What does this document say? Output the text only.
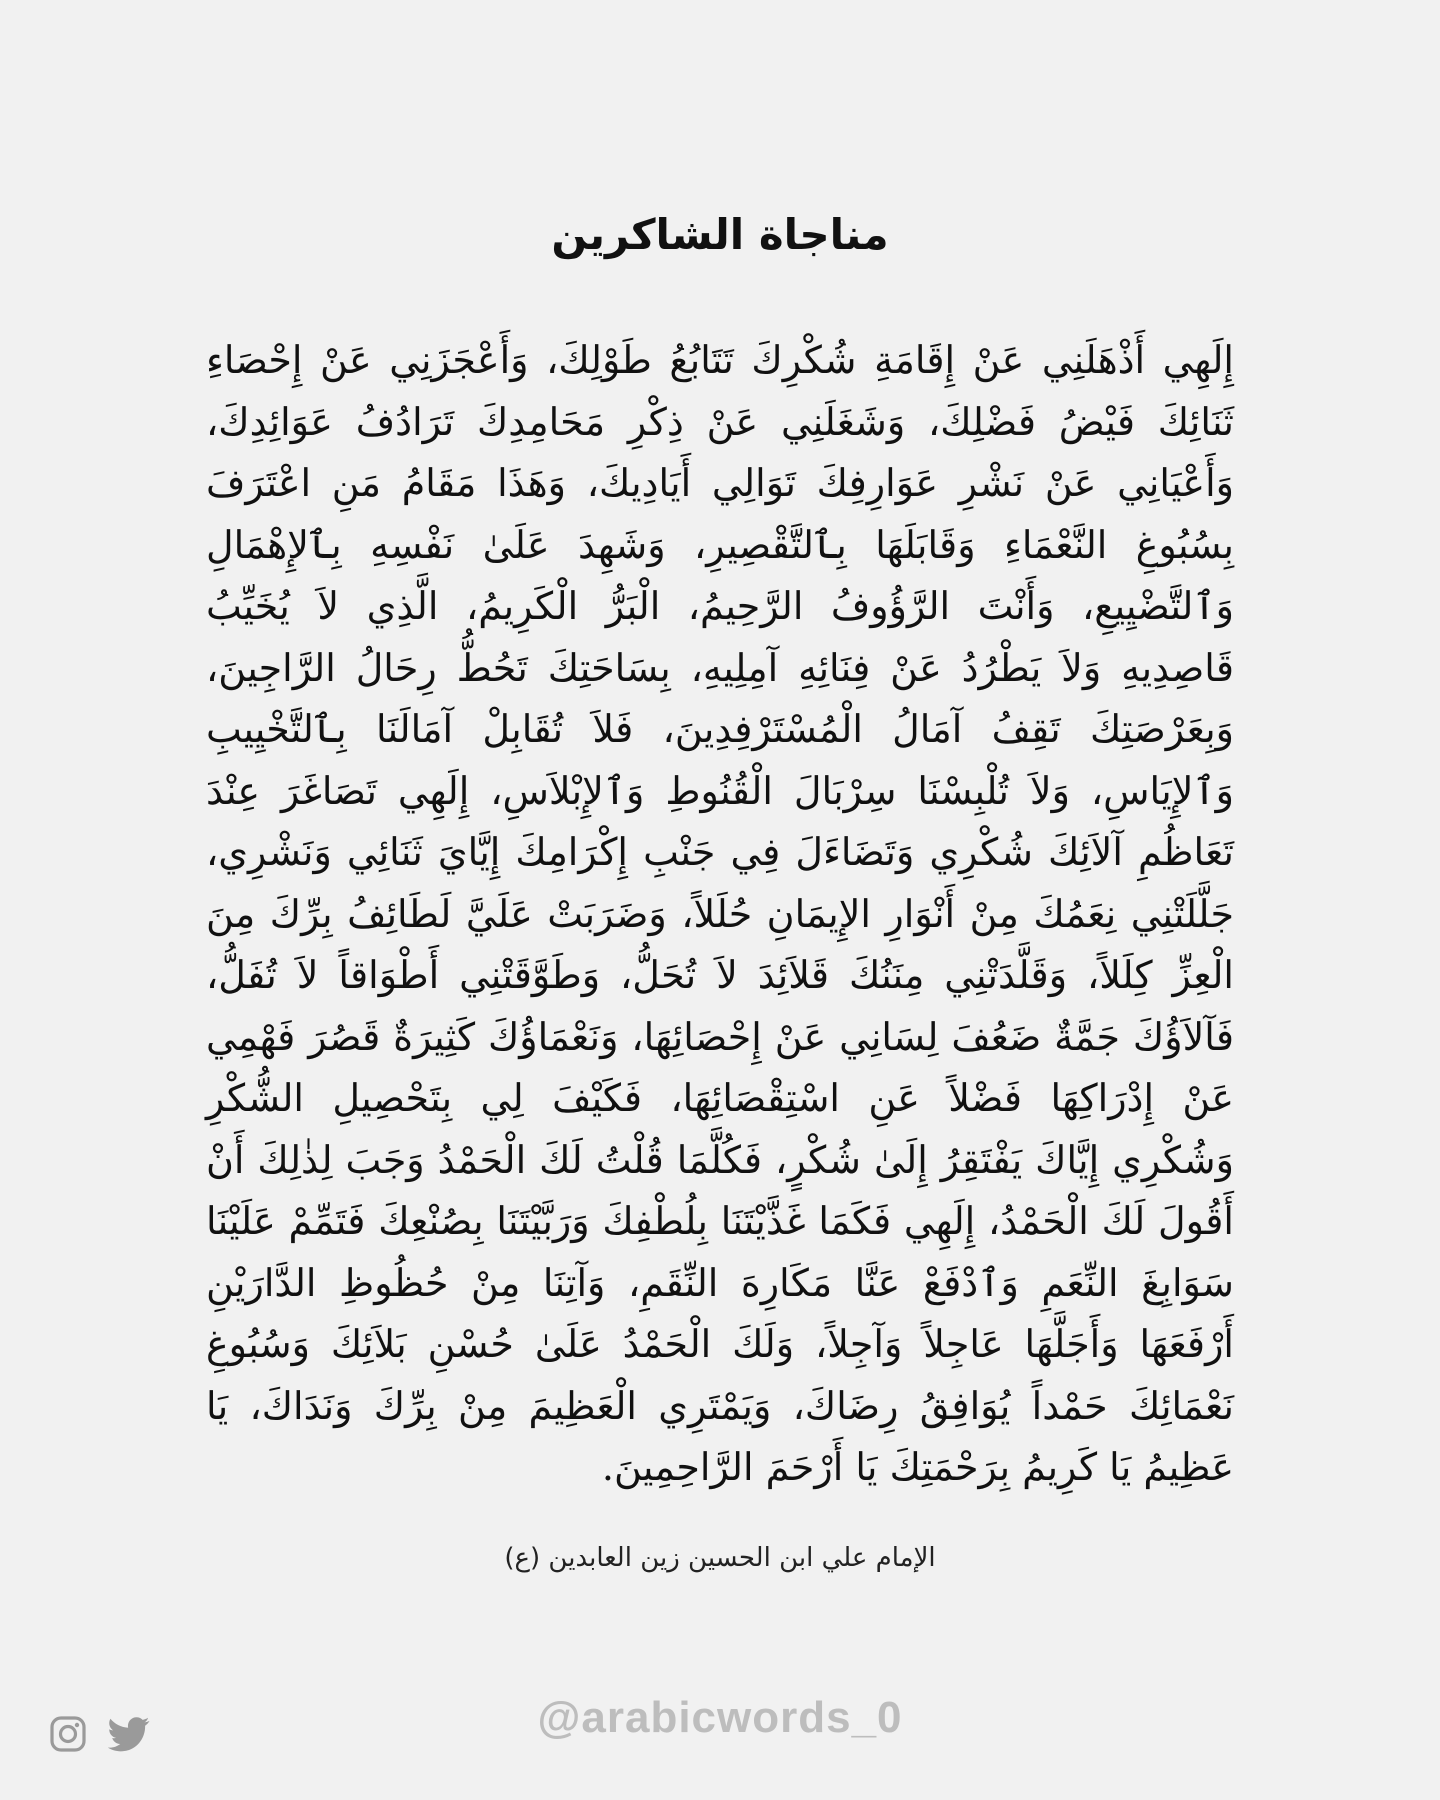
مناجاة الشاكرين

إِلَهِي أَذْهَلَنِي عَنْ إِقَامَةِ شُكْرِكَ تَتَابُعُ طَوْلِكَ، وَأَعْجَزَنِي عَنْ إِحْصَاءِ ثَنَائِكَ فَيْضُ فَضْلِكَ، وَشَغَلَنِي عَنْ ذِكْرِ مَحَامِدِكَ تَرَادُفُ عَوَائِدِكَ، وَأَعْيَانِي عَنْ نَشْرِ عَوَارِفِكَ تَوَالِي أَيَادِيكَ، وَهَذَا مَقَامُ مَنِ اعْتَرَفَ بِسُبُوغِ النَّعْمَاءِ وَقَابَلَهَا بِٱلتَّقْصِيرِ، وَشَهِدَ عَلَىٰ نَفْسِهِ بِٱلإِهْمَالِ وَٱلتَّضْيِيعِ، وَأَنْتَ الرَّؤُوفُ الرَّحِيمُ، الْبَرُّ الْكَرِيمُ، الَّذِي لاَ يُخَيِّبُ قَاصِدِيهِ وَلاَ يَطْرُدُ عَنْ فِنَائِهِ آمِلِيهِ، بِسَاحَتِكَ تَحُطُّ رِحَالُ الرَّاجِينَ، وَبِعَرْصَتِكَ تَقِفُ آمَالُ الْمُسْتَرْفِدِينَ، فَلاَ تُقَابِلْ آمَالَنَا بِٱلتَّخْيِيبِ وَٱلإِيَاسِ، وَلاَ تُلْبِسْنَا سِرْبَالَ الْقُنُوطِ وَٱلإِبْلاَسِ، إِلَهِي تَصَاغَرَ عِنْدَ تَعَاظُمِ آلاَئِكَ شُكْرِي وَتَضَاءَلَ فِي جَنْبِ إِكْرَامِكَ إِيَّايَ ثَنَائِي وَنَشْرِي، جَلَّلَتْنِي نِعَمُكَ مِنْ أَنْوَارِ الإِيمَانِ حُلَلاً، وَضَرَبَتْ عَلَيَّ لَطَائِفُ بِرِّكَ مِنَ الْعِزِّ كِلَلاً، وَقَلَّدَتْنِي مِنَنُكَ قَلاَئِدَ لاَ تُحَلُّ، وَطَوَّقَتْنِي أَطْوَاقاً لاَ تُفَلُّ، فَآلاَؤُكَ جَمَّةٌ ضَعُفَ لِسَانِي عَنْ إِحْصَائِهَا، وَنَعْمَاؤُكَ كَثِيرَةٌ قَصُرَ فَهْمِي عَنْ إِدْرَاكِهَا فَضْلاً عَنِ اسْتِقْصَائِهَا، فَكَيْفَ لِي بِتَحْصِيلِ الشُّكْرِ وَشُكْرِي إِيَّاكَ يَفْتَقِرُ إِلَىٰ شُكْرٍ، فَكُلَّمَا قُلْتُ لَكَ الْحَمْدُ وَجَبَ لِذٰلِكَ أَنْ أَقُولَ لَكَ الْحَمْدُ، إِلَهِي فَكَمَا غَذَّيْتَنَا بِلُطْفِكَ وَرَبَّيْتَنَا بِصُنْعِكَ فَتَمِّمْ عَلَيْنَا سَوَابِغَ النِّعَمِ وَٱدْفَعْ عَنَّا مَكَارِهَ النِّقَمِ، وَآتِنَا مِنْ حُظُوظِ الدَّارَيْنِ أَرْفَعَهَا وَأَجَلَّهَا عَاجِلاً وَآجِلاً، وَلَكَ الْحَمْدُ عَلَىٰ حُسْنِ بَلاَئِكَ وَسُبُوغِ نَعْمَائِكَ حَمْداً يُوَافِقُ رِضَاكَ، وَيَمْتَرِي الْعَظِيمَ مِنْ بِرِّكَ وَنَدَاكَ، يَا عَظِيمُ يَا كَرِيمُ بِرَحْمَتِكَ يَا أَرْحَمَ الرَّاحِمِينَ.

الإمام علي ابن الحسين زين العابدين (ع)
@arabicwords_0
